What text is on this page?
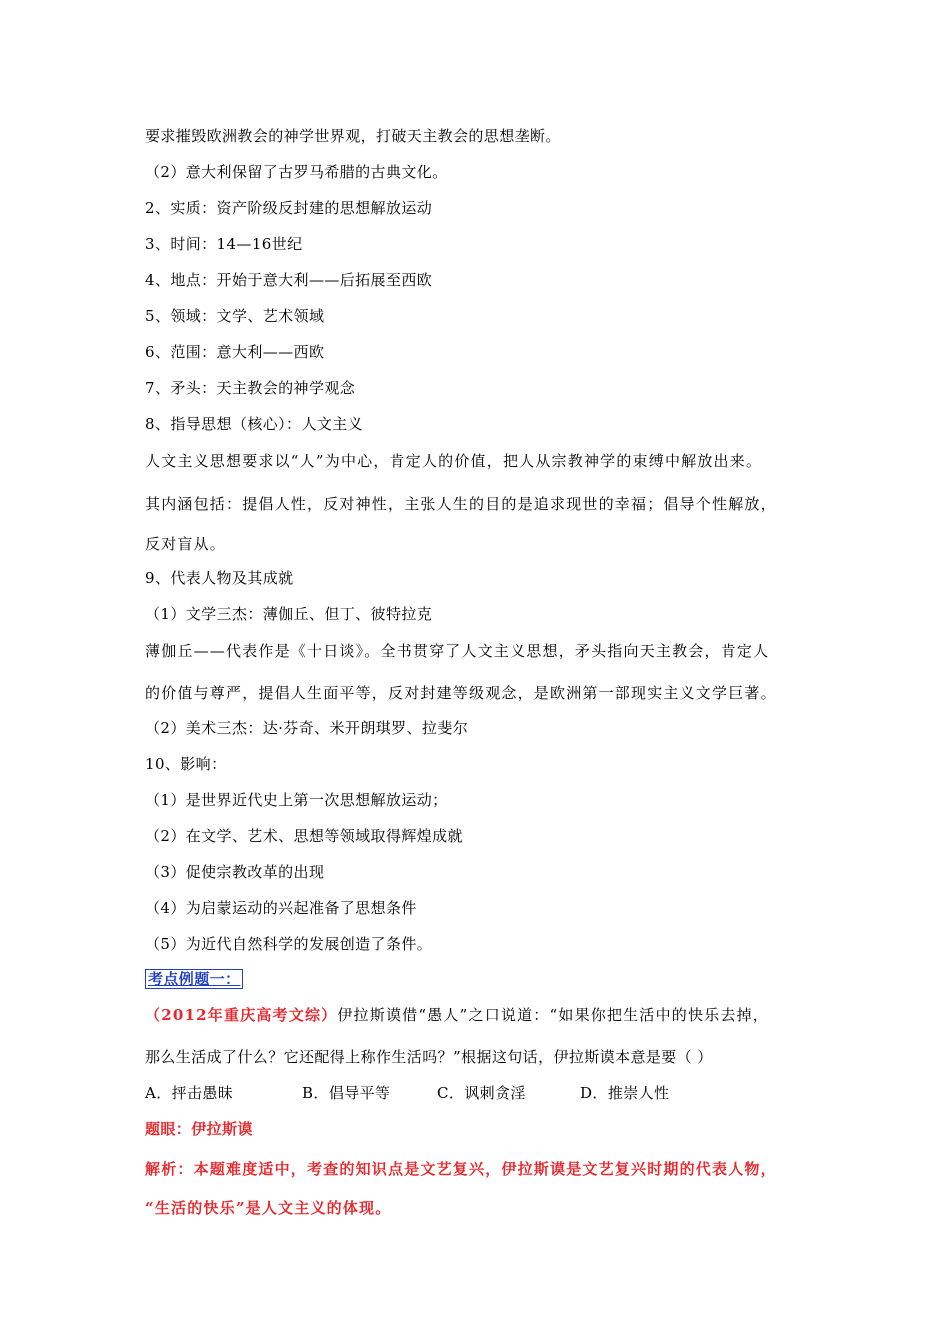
要求摧毁欧洲教会的神学世界观，打破天主教会的思想垄断。
（2）意大利保留了古罗马希腊的古典文化。
2、实质：资产阶级反封建的思想解放运动
3、时间：14—16世纪
4、地点：开始于意大利——后拓展至西欧
5、领域：文学、艺术领域
6、范围：意大利——西欧
7、矛头：天主教会的神学观念
8、指导思想（核心）：人文主义
人文主义思想要求以“人”为中心，肯定人的价值，把人从宗教神学的束缚中解放出来。
其内涵包括：提倡人性，反对神性，主张人生的目的是追求现世的幸福；倡导个性解放，
反对盲从。
9、代表人物及其成就
（1）文学三杰：薄伽丘、但丁、彼特拉克
薄伽丘——代表作是《十日谈》。全书贯穿了人文主义思想，矛头指向天主教会，肯定人
的价值与尊严，提倡人生面平等，反对封建等级观念，是欧洲第一部现实主义文学巨著。
（2）美术三杰：达·芬奇、米开朗琪罗、拉斐尔
10、影响：
（1）是世界近代史上第一次思想解放运动；
（2）在文学、艺术、思想等领域取得辉煌成就
（3）促使宗教改革的出现
（4）为启蒙运动的兴起准备了思想条件
（5）为近代自然科学的发展创造了条件。
考点例题一：
（2012年重庆高考文综）伊拉斯谟借“愚人”之口说道：“如果你把生活中的快乐去掉，
那么生活成了什么？它还配得上称作生活吗？”根据这句话，伊拉斯谟本意是要（ ）
A．抨击愚昧	B．倡导平等	C．讽刺贪淫	D．推崇人性
题眼：伊拉斯谟
解析：本题难度适中，考查的知识点是文艺复兴，伊拉斯谟是文艺复兴时期的代表人物，
“生活的快乐”是人文主义的体现。
